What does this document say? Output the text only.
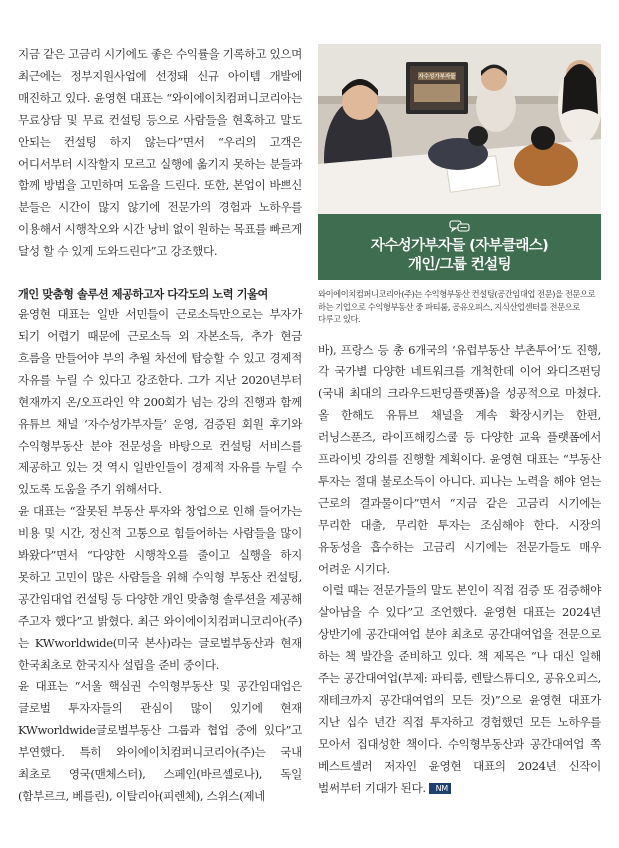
지금 같은 고금리 시기에도 좋은 수익률을 기록하고 있으며 최근에는 정부지원사업에 선정돼 신규 아이템 개발에 매진하고 있다. 윤영현 대표는 “와이에이치컴퍼니코리아는 무료상담 및 무료 컨설팅 등으로 사람들을 현혹하고 말도 안되는 컨설팅 하지 않는다”면서 “우리의 고객은 어디서부터 시작할지 모르고 실행에 옮기지 못하는 분들과 함께 방법을 고민하며 도움을 드린다. 또한, 본업이 바쁘신 분들은 시간이 많지 않기에 전문가의 경험과 노하우를 이용해서 시행착오와 시간 낭비 없이 원하는 목표를 빠르게 달성 할 수 있게 도와드린다”고 강조했다.

개인 맞춤형 솔루션 제공하고자 다각도의 노력 기울여

윤영현 대표는 일반 서민들이 근로소득만으로는 부자가 되기 어렵기 때문에 근로소득 외 자본소득, 추가 현금 흐름을 만들어야 부의 추월 차선에 탑승할 수 있고 경제적 자유를 누릴 수 있다고 강조한다. 그가 지난 2020년부터 현재까지 온/오프라인 약 200회가 넘는 강의 진행과 함께 유튜브 채널 ‘자수성가부자들’ 운영, 검증된 회원 후기와 수익형부동산 분야 전문성을 바탕으로 컨설팅 서비스를 제공하고 있는 것 역시 일반인들이 경제적 자유를 누릴 수 있도록 도움을 주기 위해서다.

윤 대표는 “잘못된 부동산 투자와 창업으로 인해 들어가는 비용 및 시간, 정신적 고통으로 힘들어하는 사람들을 많이 봐왔다”면서 “다양한 시행착오를 줄이고 실행을 하지 못하고 고민이 많은 사람들을 위해 수익형 부동산 컨설팅, 공간임대업 컨설팅 등 다양한 개인 맞춤형 솔루션을 제공해 주고자 했다”고 밝혔다. 최근 와이에이치컴퍼니코리아(주)는 KWworldwide(미국 본사)라는 글로벌부동산과 현재 한국최초로 한국지사 설립을 준비 중이다.

윤 대표는 “서울 핵심권 수익형부동산 및 공간임대업은 글로벌 투자자들의 관심이 많이 있기에 현재 KWworldwide글로벌부동산 그룹과 협업 중에 있다”고 부연했다. 특히 와이에이치컴퍼니코리아(주)는 국내 최초로 영국(맨체스터), 스페인(바르셀로나), 독일(함부르크, 베를린), 이탈리아(피렌체), 스위스(제네

자수성가부자들
자수성가부자들 (자부클래스)
개인/그룹 컨설팅

와이에이치컴퍼니코리아(주)는 수익형부동산 컨설팅(공간임대업 전문)을 전문으로 하는 기업으로 수익형부동산 중 파티룸, 공유오피스, 지식산업센터를 전문으로 다루고 있다.

바), 프랑스 등 총 6개국의 ‘유럽부동산 부촌투어’도 진행, 각 국가별 다양한 네트워크를 개척한데 이어 와디즈펀딩(국내 최대의 크라우드펀딩플랫폼)을 성공적으로 마쳤다. 올 한해도 유튜브 채널을 계속 확장시키는 한편, 러닝스푼즈, 라이프해킹스쿨 등 다양한 교육 플랫폼에서 프라이빗 강의를 진행할 계획이다. 윤영현 대표는 “부동산 투자는 절대 불로소득이 아니다. 피나는 노력을 해야 얻는 근로의 결과물이다”면서 “지금 같은 고금리 시기에는 무리한 대출, 무리한 투자는 조심해야 한다. 시장의 유동성을 흡수하는 고금리 시기에는 전문가들도 매우 어려운 시기다.

이럴 때는 전문가들의 말도 본인이 직접 검증 또 검증해야 살아남을 수 있다”고 조언했다. 윤영현 대표는 2024년 상반기에 공간대여업 분야 최초로 공간대여업을 전문으로 하는 책 발간을 준비하고 있다. 책 제목은 “나 대신 일해 주는 공간대여업(부제: 파티룸, 렌탈스튜디오, 공유오피스, 재테크까지 공간대여업의 모든 것)”으로 윤영현 대표가 지난 십수 년간 직접 투자하고 경험했던 모든 노하우를 모아서 집대성한 책이다. 수익형부동산과 공간대여업 쪽 베스트셀러 저자인 윤영현 대표의 2024년 신작이 벌써부터 기대가 된다. NM
